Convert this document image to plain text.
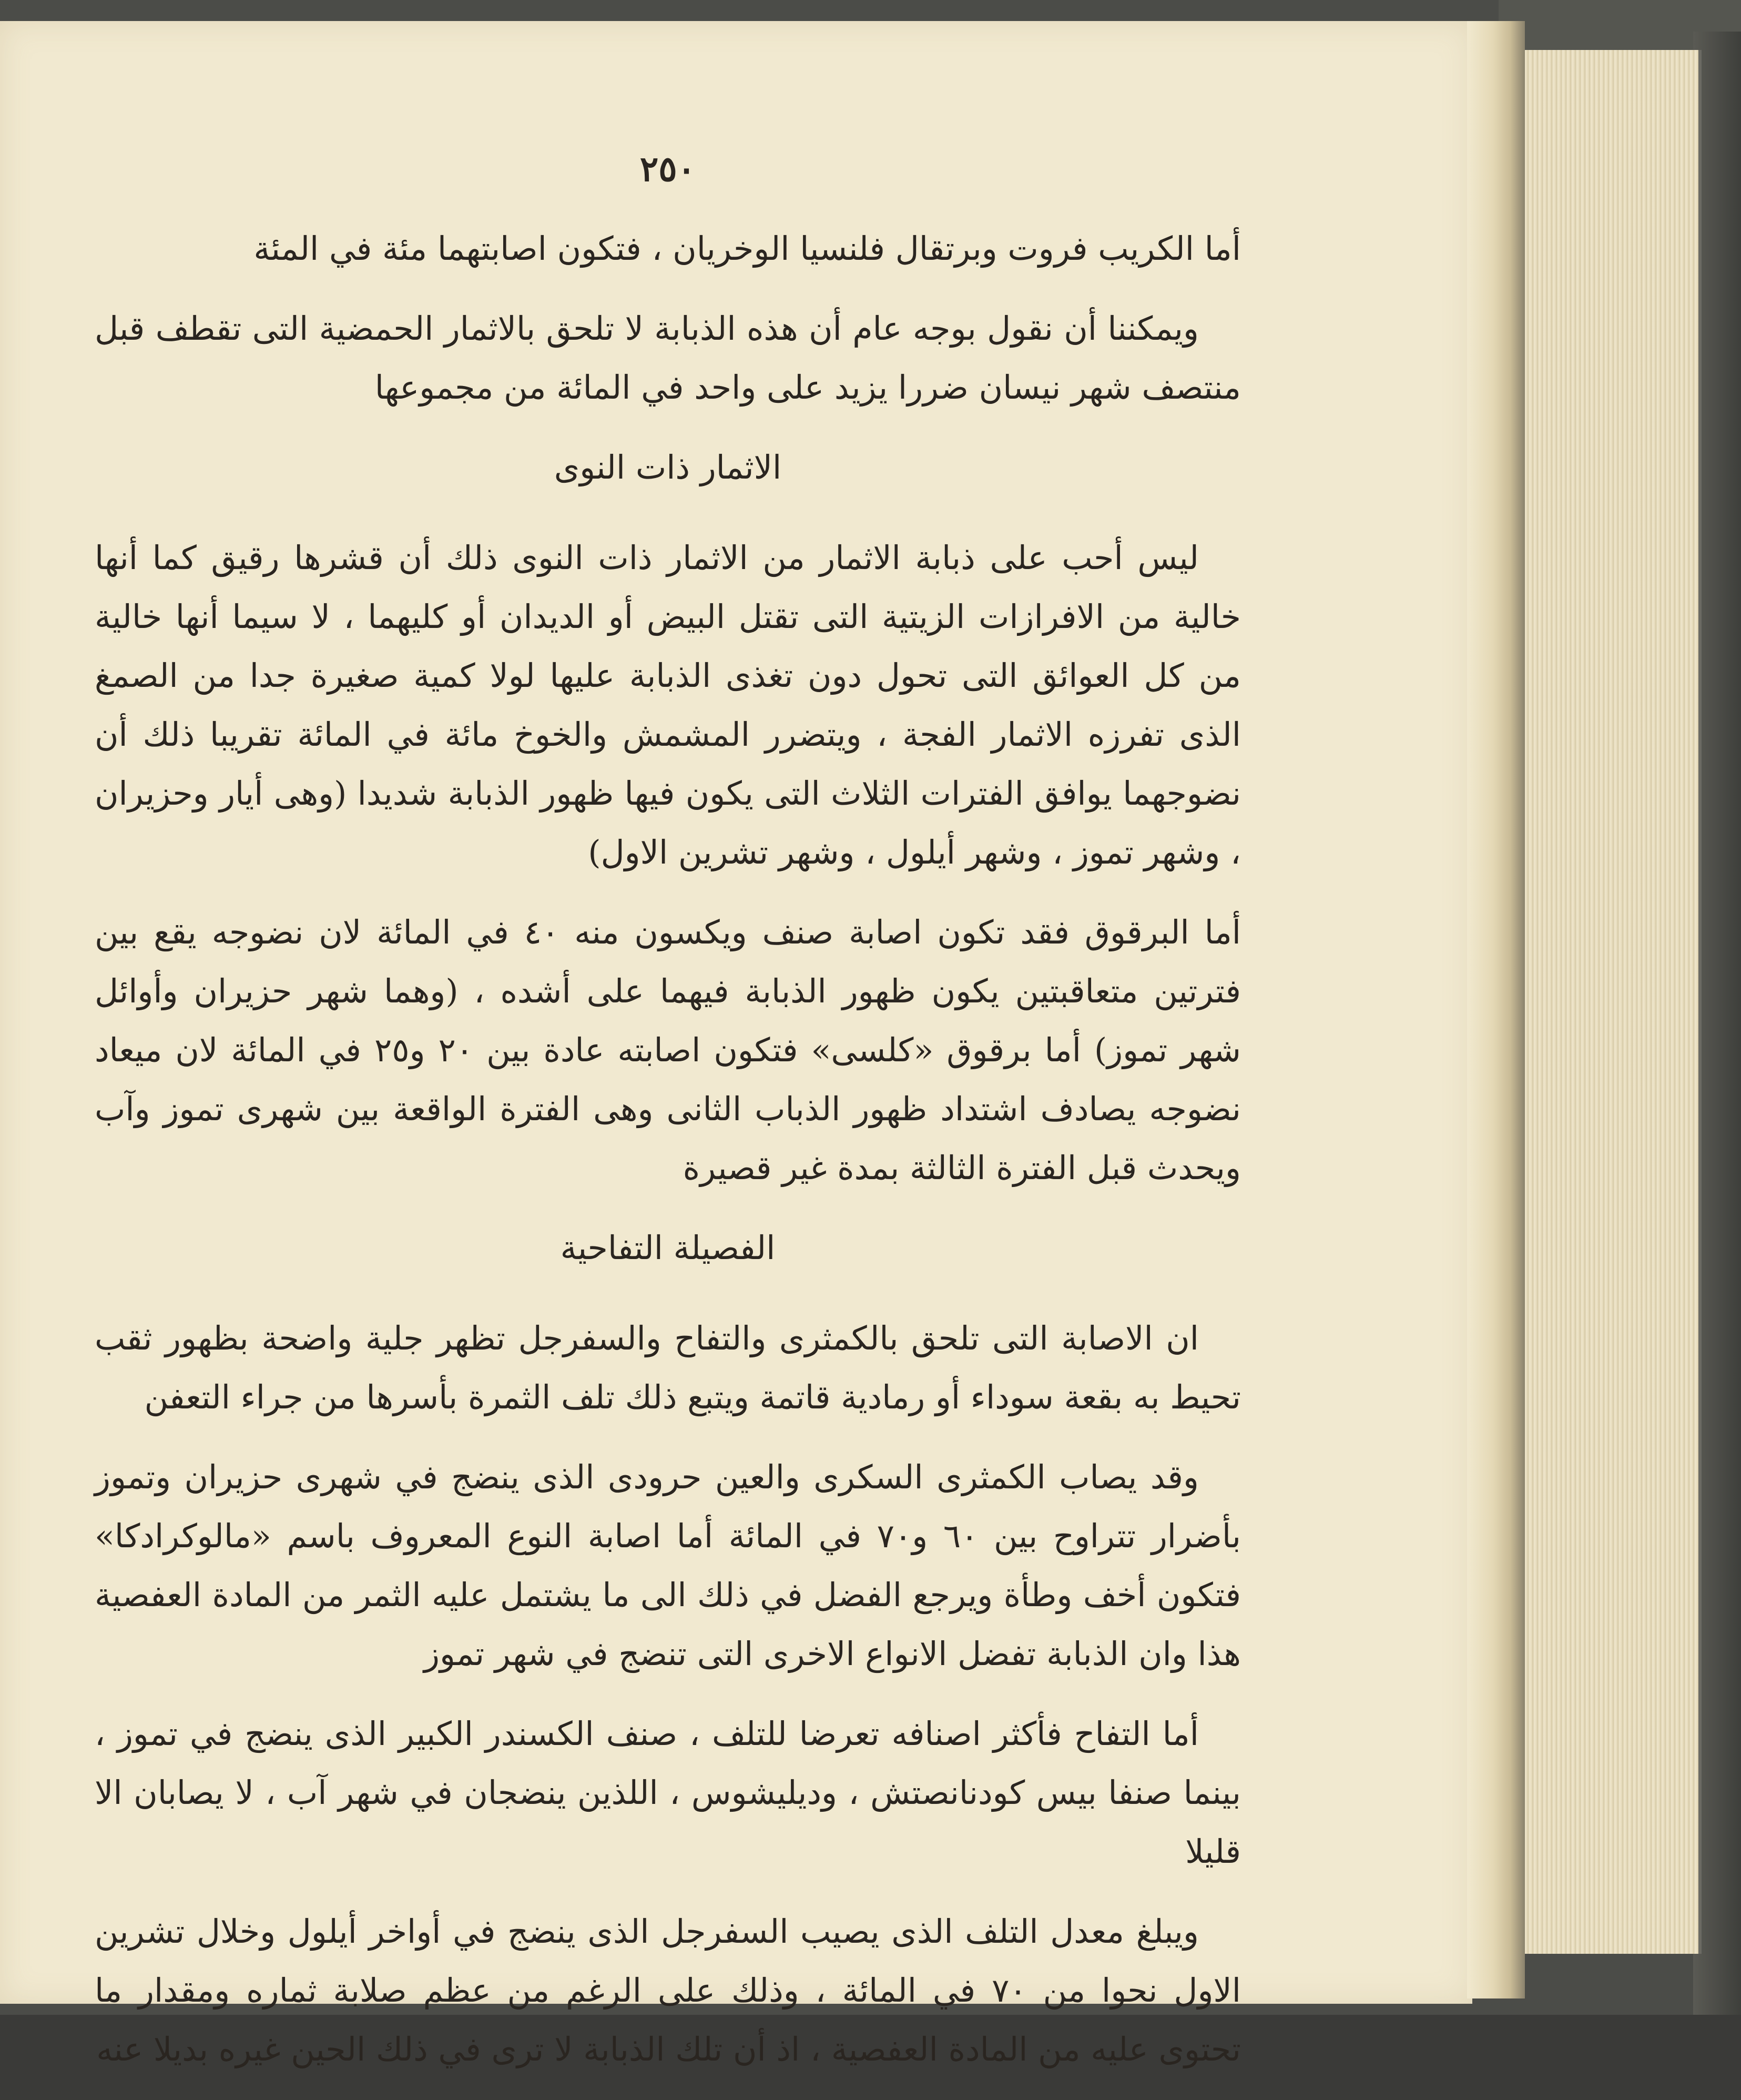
٢٥٠

أما الكريب فروت وبرتقال فلنسيا الوخريان ، فتكون اصابتهما مئة في المئة

ويمكننا أن نقول بوجه عام أن هذه الذبابة لا تلحق بالاثمار الحمضية التى تقطف قبل منتصف شهر نيسان ضررا يزيد على واحد في المائة من مجموعها

الاثمار ذات النوى

ليس أحب على ذبابة الاثمار من الاثمار ذات النوى ذلك أن قشرها رقيق كما أنها خالية من الافرازات الزيتية التى تقتل البيض أو الديدان أو كليهما ، لا سيما أنها خالية من كل العوائق التى تحول دون تغذى الذبابة عليها لولا كمية صغيرة جدا من الصمغ الذى تفرزه الاثمار الفجة ، ويتضرر المشمش والخوخ مائة في المائة تقريبا ذلك أن نضوجهما يوافق الفترات الثلاث التى يكون فيها ظهور الذبابة شديدا (وهى أيار وحزيران ، وشهر تموز ، وشهر أيلول ، وشهر تشرين الاول)

أما البرقوق فقد تكون اصابة صنف ويكسون منه ٤٠ في المائة لان نضوجه يقع بين فترتين متعاقبتين يكون ظهور الذبابة فيهما على أشده ، (وهما شهر حزيران وأوائل شهر تموز) أما برقوق «كلسى» فتكون اصابته عادة بين ٢٠ و٢٥ في المائة لان ميعاد نضوجه يصادف اشتداد ظهور الذباب الثانى وهى الفترة الواقعة بين شهرى تموز وآب ويحدث قبل الفترة الثالثة بمدة غير قصيرة

الفصيلة التفاحية

ان الاصابة التى تلحق بالكمثرى والتفاح والسفرجل تظهر جلية واضحة بظهور ثقب تحيط به بقعة سوداء أو رمادية قاتمة ويتبع ذلك تلف الثمرة بأسرها من جراء التعفن

وقد يصاب الكمثرى السكرى والعين حرودى الذى ينضج في شهرى حزيران وتموز بأضرار تتراوح بين ٦٠ و٧٠ في المائة أما اصابة النوع المعروف باسم «مالوكرادكا» فتكون أخف وطأة ويرجع الفضل في ذلك الى ما يشتمل عليه الثمر من المادة العفصية هذا وان الذبابة تفضل الانواع الاخرى التى تنضج في شهر تموز

أما التفاح فأكثر اصنافه تعرضا للتلف ، صنف الكسندر الكبير الذى ينضج في تموز ، بينما صنفا بيس كودنانصتش ، وديليشوس ، اللذين ينضجان في شهر آب ، لا يصابان الا قليلا

ويبلغ معدل التلف الذى يصيب السفرجل الذى ينضج في أواخر أيلول وخلال تشرين الاول نحوا من ٧٠ في المائة ، وذلك على الرغم من عظم صلابة ثماره ومقدار ما تحتوى عليه من المادة العفصية ، اذ أن تلك الذبابة لا ترى في ذلك الحين غيره بديلا عنه
